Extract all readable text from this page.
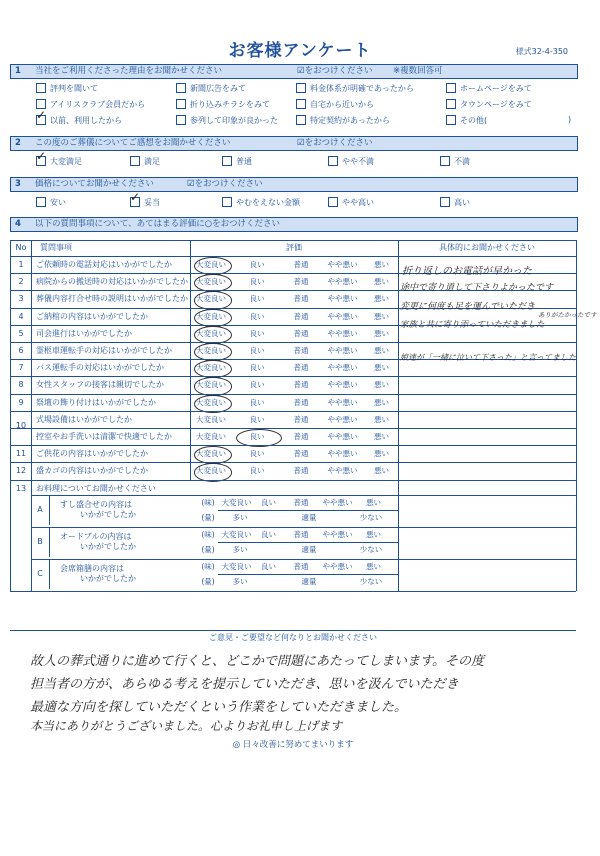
お客様アンケート	様式32-4-350
1	当社をご利用くださった理由をお聞かせください	☑をおつけください ※複数回答可
評判を聞いて	新聞広告をみて	料金体系が明確であったから	ホームページをみて
アイリスクラブ会員だから	折り込みチラシをみて	自宅から近いから	タウンページをみて
✓以前、利用したから	参列して印象が良かった	特定契約があったから	その他(	)
2	この度のご葬儀についてご感想をお聞かせください	☑をおつけください
✓大変満足	満足	普通	やや不満	不満
3	価格についてお聞かせください	☑をおつけください
安い
✓	妥当	やむをえない金額	やや高い	高い
4	以下の質問事項について、あてはまる評価に○をおつけください
No	質問事項	評価	具体的にお聞かせください
1	ご依頼時の電話対応はいかがでしたか	大変良い	良い	普通	やや悪い	悪い
2	病院からの搬送時の対応はいかがでしたか	大変良い	良い	普通	やや悪い	悪い
3	葬儀内容打合せ時の説明はいかがでしたか	大変良い	良い	普通	やや悪い	悪い
4	ご納棺の内容はいかがでしたか	大変良い	良い	普通	やや悪い	悪い
5	司会進行はいかがでしたか	大変良い	良い	普通	やや悪い	悪い
6	霊柩車運転手の対応はいかがでしたか	大変良い	良い	普通	やや悪い	悪い
7	バス運転手の対応はいかがでしたか	大変良い	良い	普通	やや悪い	悪い
8	女性スタッフの接客は親切でしたか	大変良い	良い	普通	やや悪い	悪い
9	祭壇の飾り付けはいかがでしたか	大変良い	良い	普通	やや悪い	悪い
式場設備はいかがでしたか	大変良い	良い	普通	やや悪い	悪い
控室やお手洗いは清潔で快適でしたか	大変良い	良い	普通	やや悪い	悪い
11	ご供花の内容はいかがでしたか	大変良い	良い	普通	やや悪い	悪い
12	盛カゴの内容はいかがでしたか	大変良い	良い	普通	やや悪い	悪い
10
13	お料理についてお聞かせください
A
すし盛合せの内容は
いかがでしたか
(味)
(量)
大変良い	良い	普通	やや悪い	悪い
多い	適量	少ない
B
オードブルの内容は
いかがでしたか
(味)
(量)
大変良い	良い	普通	やや悪い	悪い
多い	適量	少ない
C
会席箱膳の内容は
いかがでしたか
(味)
(量)
大変良い	良い	普通	やや悪い	悪い
多い	適量	少ない
折り返しのお電話が早かった
途中で寄り道して下さりよかったです
変更に何度も足を運んでいただき
家族と共に寄り添っていただきました
ありがたかったです
娘達が「一緒に泣いて下さった」と言ってました
ご意見・ご要望など何なりとお聞かせください
故人の葬式通りに進めて行くと、どこかで問題にあたってしまいます。その度
担当者の方が、あらゆる考えを提示していただき、思いを汲んでいただき
最適な方向を探していただくという作業をしていただきました。
本当にありがとうございました。心よりお礼申し上げます
◎ 日々改善に努めてまいります
